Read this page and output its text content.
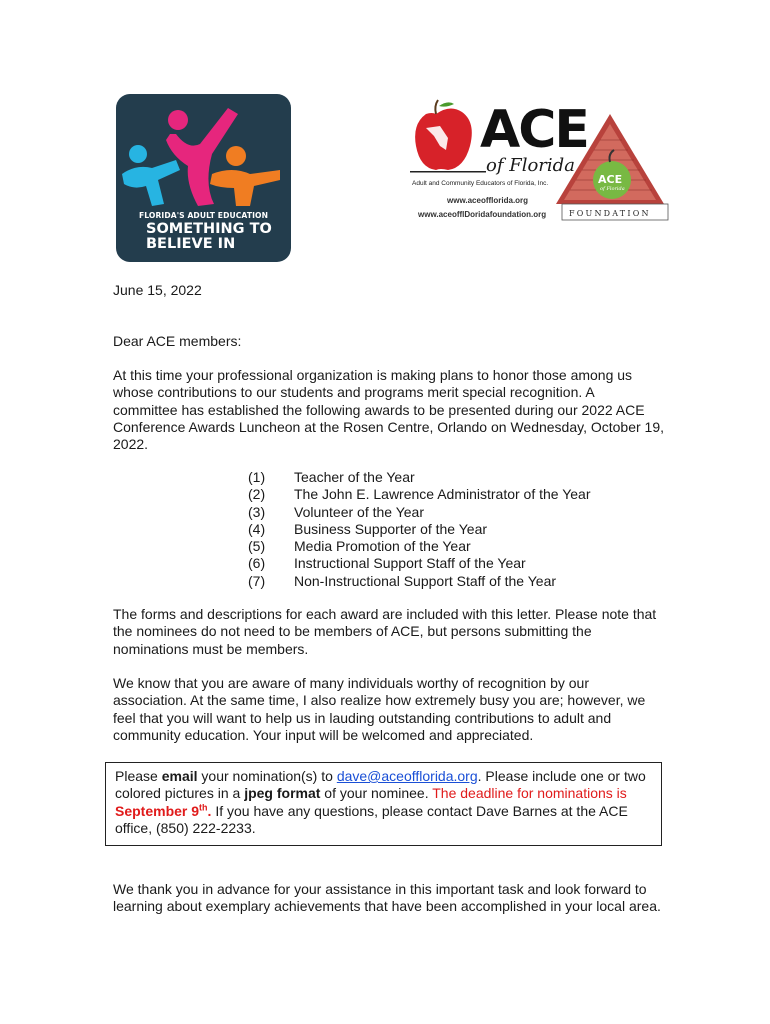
FLORIDA'S ADULT EDUCATION
SOMETHING TO
BELIEVE IN
ACE
of Florida
Adult and Community Educators of Florida, Inc.
www.aceofflorida.org
www.aceofflDoridafoundation.org	FOUNDATION
ACE
of Florida
June 15, 2022
Dear ACE members:
At this time your professional organization is making plans to honor those among us
whose contributions to our students and programs merit special recognition. A
committee has established the following awards to be presented during our 2022 ACE
Conference Awards Luncheon at the Rosen Centre, Orlando on Wednesday, October 19,
2022.
(1)	Teacher of the Year
(2)	The John E. Lawrence Administrator of the Year
(3)	Volunteer of the Year
(4)	Business Supporter of the Year
(5)	Media Promotion of the Year
(6)	Instructional Support Staff of the Year
(7)	Non-Instructional Support Staff of the Year
The forms and descriptions for each award are included with this letter. Please note that
the nominees do not need to be members of ACE, but persons submitting the
nominations must be members.
We know that you are aware of many individuals worthy of recognition by our
association. At the same time, I also realize how extremely busy you are; however, we
feel that you will want to help us in lauding outstanding contributions to adult and
community education. Your input will be welcomed and appreciated.
Please email your nomination(s) to dave@aceofflorida.org. Please include one or two
colored pictures in a jpeg format of your nominee. The deadline for nominations is
September 9th. If you have any questions, please contact Dave Barnes at the ACE
office, (850) 222-2233.
We thank you in advance for your assistance in this important task and look forward to
learning about exemplary achievements that have been accomplished in your local area.
